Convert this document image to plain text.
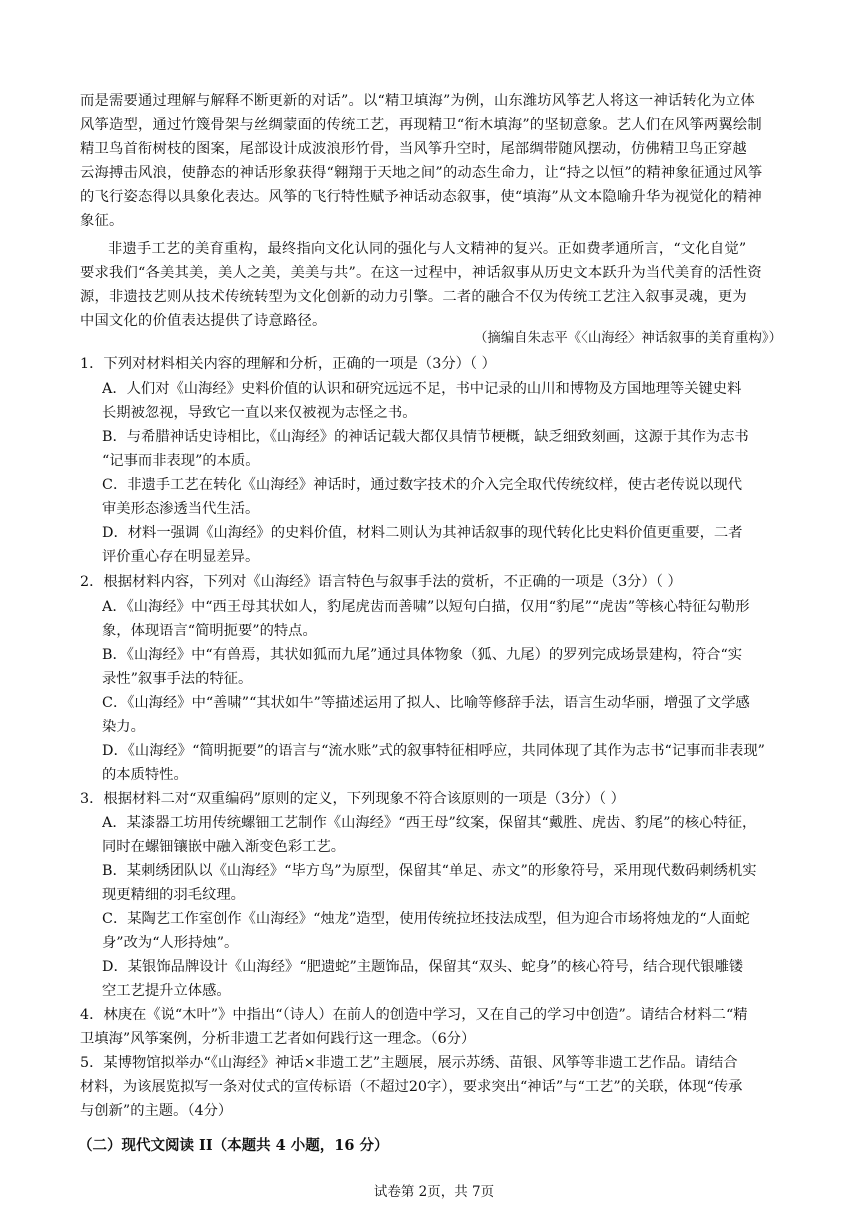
而是需要通过理解与解释不断更新的对话”。以“精卫填海”为例，山东潍坊风筝艺人将这一神话转化为立体
风筝造型，通过竹篾骨架与丝绸蒙面的传统工艺，再现精卫“衔木填海”的坚韧意象。艺人们在风筝两翼绘制
精卫鸟首衔树枝的图案，尾部设计成波浪形竹骨，当风筝升空时，尾部绸带随风摆动，仿佛精卫鸟正穿越
云海搏击风浪，使静态的神话形象获得“翱翔于天地之间”的动态生命力，让“持之以恒”的精神象征通过风筝
的飞行姿态得以具象化表达。风筝的飞行特性赋予神话动态叙事，使“填海”从文本隐喻升华为视觉化的精神
象征。
非遗手工艺的美育重构，最终指向文化认同的强化与人文精神的复兴。正如费孝通所言，“文化自觉”
要求我们“各美其美，美人之美，美美与共”。在这一过程中，神话叙事从历史文本跃升为当代美育的活性资
源，非遗技艺则从技术传统转型为文化创新的动力引擎。二者的融合不仅为传统工艺注入叙事灵魂，更为
中国文化的价值表达提供了诗意路径。
（摘编自朱志平《〈山海经〉神话叙事的美育重构》）
1．下列对材料相关内容的理解和分析，正确的一项是（3分）（ ）
A．人们对《山海经》史料价值的认识和研究远远不足，书中记录的山川和博物及方国地理等关键史料
长期被忽视，导致它一直以来仅被视为志怪之书。
B．与希腊神话史诗相比，《山海经》的神话记载大都仅具情节梗概，缺乏细致刻画，这源于其作为志书
“记事而非表现”的本质。
C．非遗手工艺在转化《山海经》神话时，通过数字技术的介入完全取代传统纹样，使古老传说以现代
审美形态渗透当代生活。
D．材料一强调《山海经》的史料价值，材料二则认为其神话叙事的现代转化比史料价值更重要，二者
评价重心存在明显差异。
2．根据材料内容，下列对《山海经》语言特色与叙事手法的赏析，不正确的一项是（3分）（ ）
A．《山海经》中“西王母其状如人，豹尾虎齿而善啸”以短句白描，仅用“豹尾”“虎齿”等核心特征勾勒形
象，体现语言“简明扼要”的特点。
B．《山海经》中“有兽焉，其状如狐而九尾”通过具体物象（狐、九尾）的罗列完成场景建构，符合“实
录性”叙事手法的特征。
C．《山海经》中“善啸”“其状如牛”等描述运用了拟人、比喻等修辞手法，语言生动华丽，增强了文学感
染力。
D．《山海经》“简明扼要”的语言与“流水账”式的叙事特征相呼应，共同体现了其作为志书“记事而非表现”
的本质特性。
3．根据材料二对“双重编码”原则的定义，下列现象不符合该原则的一项是（3分）（ ）
A．某漆器工坊用传统螺钿工艺制作《山海经》“西王母”纹案，保留其“戴胜、虎齿、豹尾”的核心特征，
同时在螺钿镶嵌中融入渐变色彩工艺。
B．某刺绣团队以《山海经》“毕方鸟”为原型，保留其“单足、赤文”的形象符号，采用现代数码刺绣机实
现更精细的羽毛纹理。
C．某陶艺工作室创作《山海经》“烛龙”造型，使用传统拉坯技法成型，但为迎合市场将烛龙的“人面蛇
身”改为“人形持烛”。
D．某银饰品牌设计《山海经》“肥遗蛇”主题饰品，保留其“双头、蛇身”的核心符号，结合现代银雕镂
空工艺提升立体感。
4．林庚在《说“木叶”》中指出“（诗人）在前人的创造中学习，又在自己的学习中创造”。请结合材料二“精
卫填海”风筝案例，分析非遗工艺者如何践行这一理念。（6分）
5．某博物馆拟举办“《山海经》神话×非遗工艺”主题展，展示苏绣、苗银、风筝等非遗工艺作品。请结合
材料，为该展览拟写一条对仗式的宣传标语（不超过20字），要求突出“神话”与“工艺”的关联，体现“传承
与创新”的主题。（4分）
（二）现代文阅读 II（本题共 4 小题，16 分）
试卷第 2页，共 7页
